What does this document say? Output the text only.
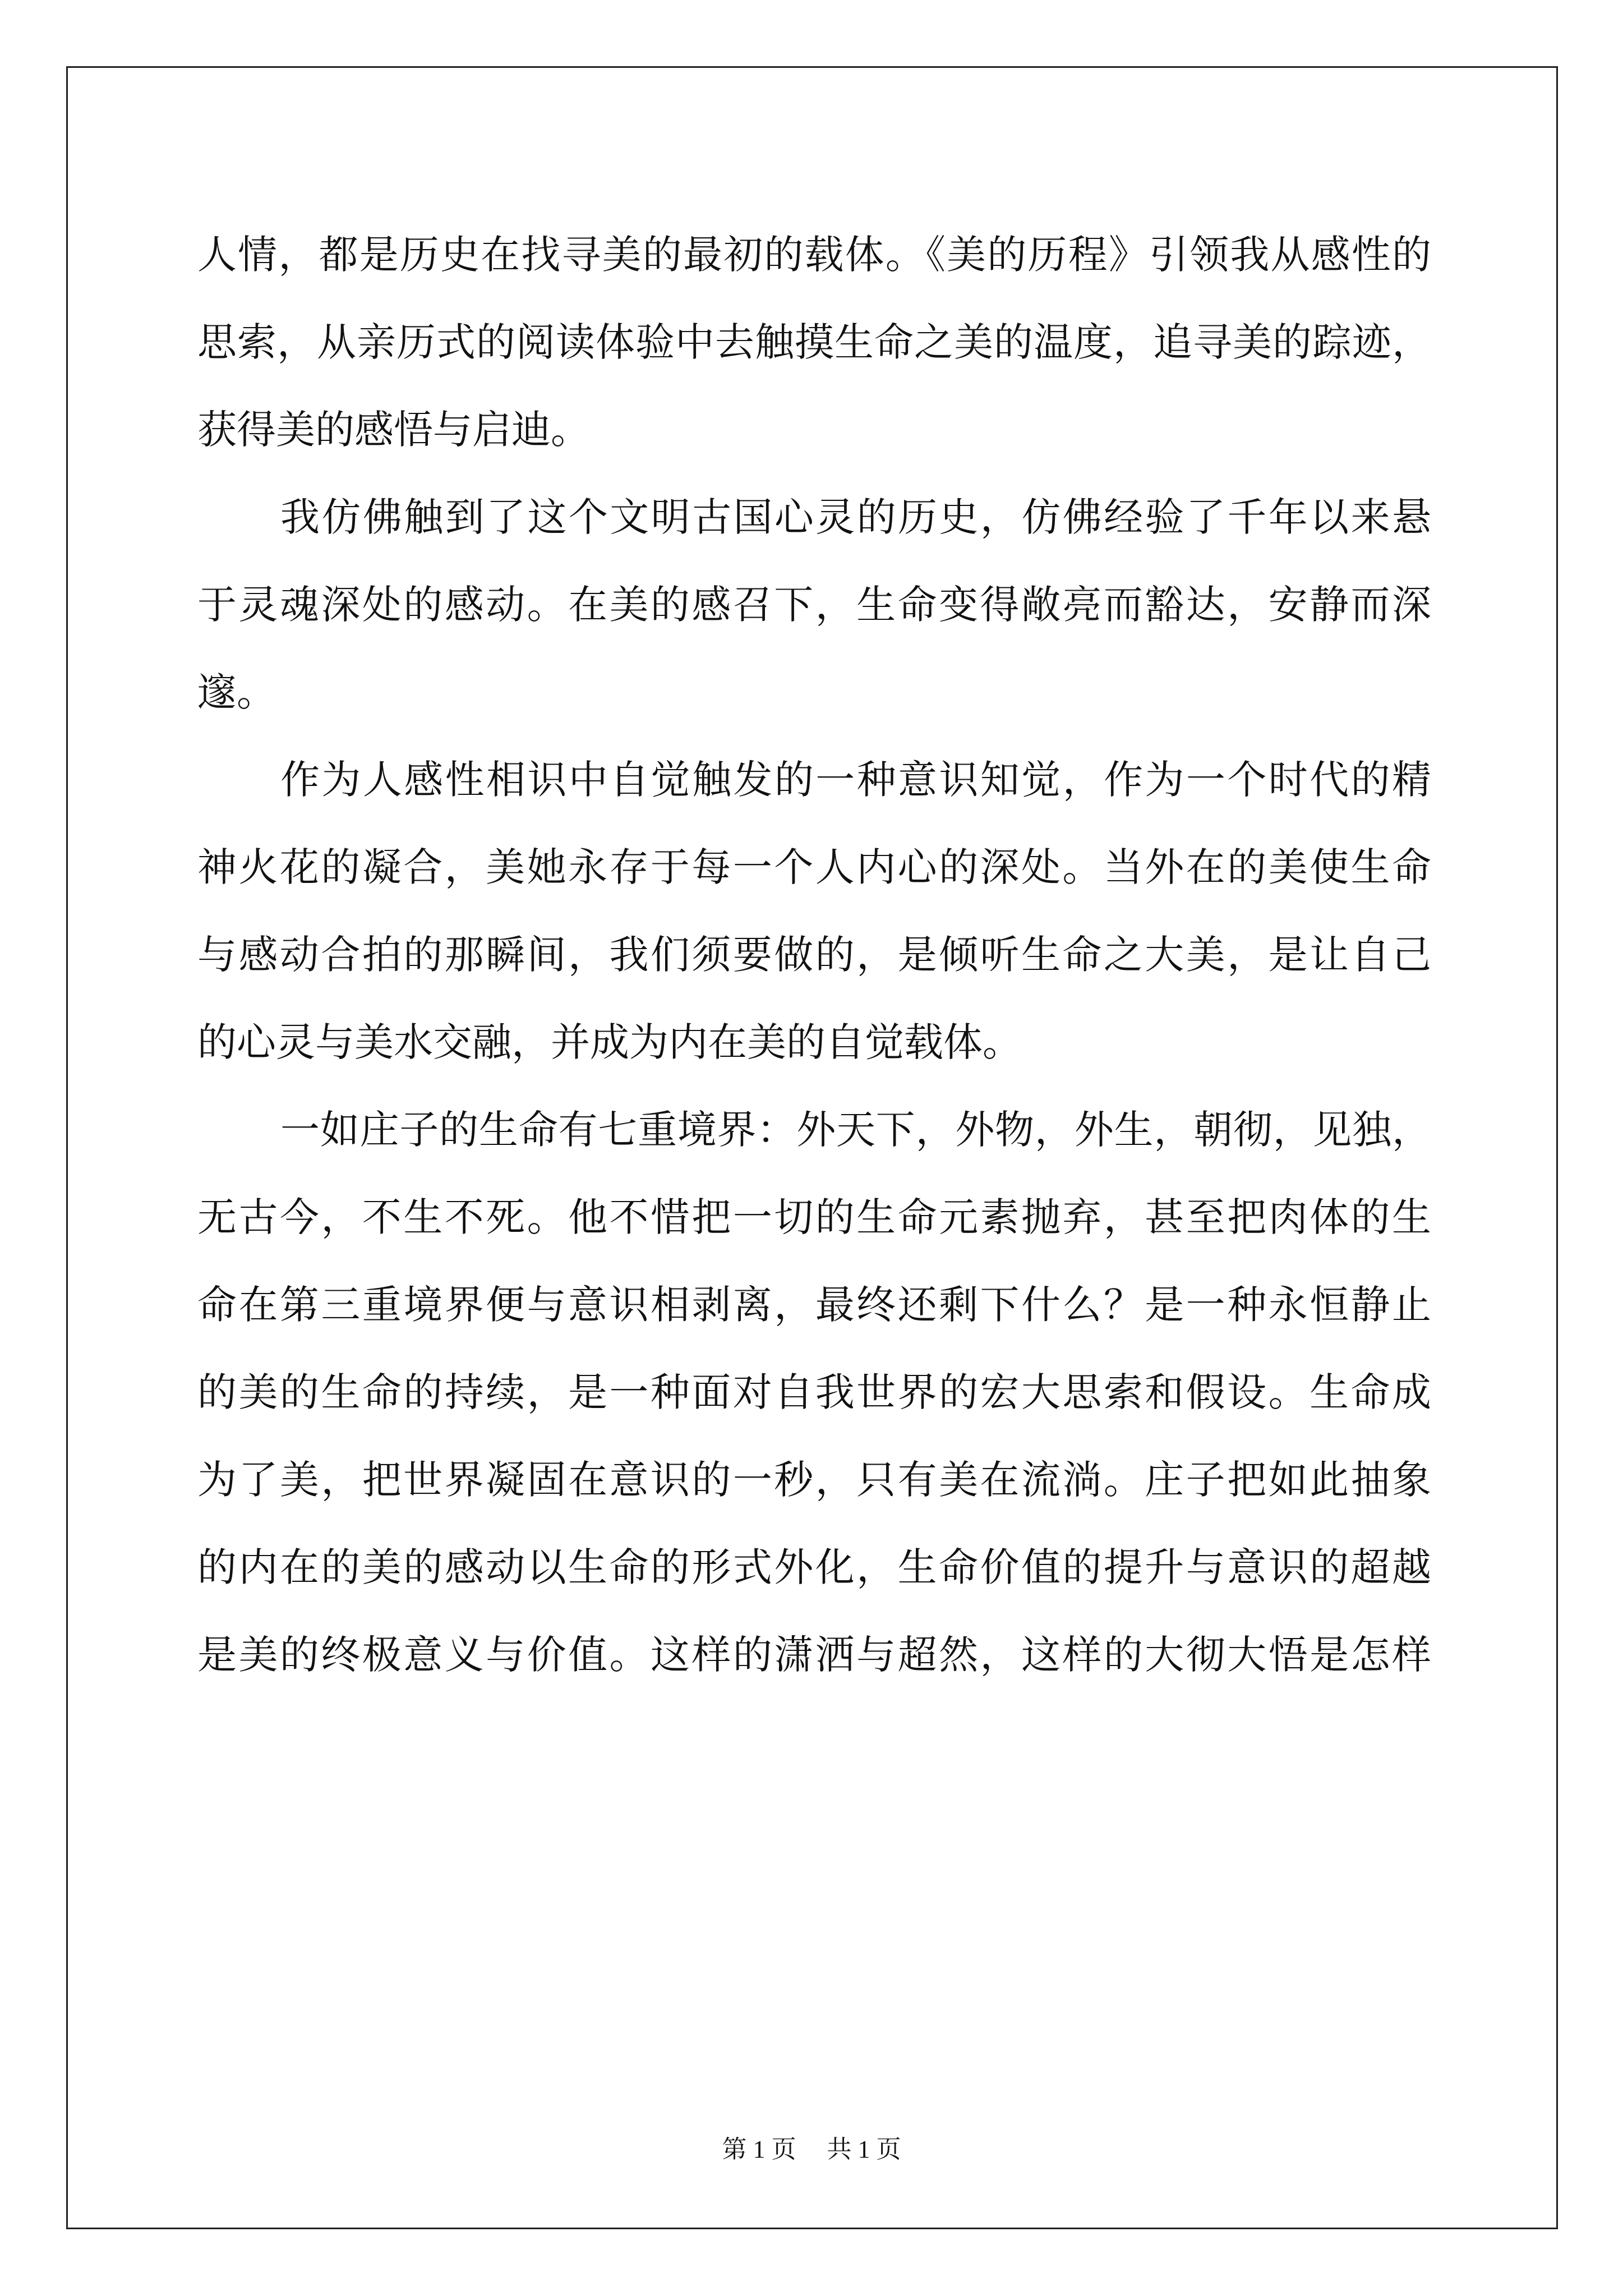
人情，都是历史在找寻美的最初的载体。《美的历程》引领我从感性的
思索，从亲历式的阅读体验中去触摸生命之美的温度，追寻美的踪迹，
获得美的感悟与启迪。
我仿佛触到了这个文明古国心灵的历史，仿佛经验了千年以来悬
于灵魂深处的感动。在美的感召下，生命变得敞亮而豁达，安静而深
邃。
作为人感性相识中自觉触发的一种意识知觉，作为一个时代的精
神火花的凝合，美她永存于每一个人内心的深处。当外在的美使生命
与感动合拍的那瞬间，我们须要做的，是倾听生命之大美，是让自己
的心灵与美水交融，并成为内在美的自觉载体。
一如庄子的生命有七重境界：外天下，外物，外生，朝彻，见独，
无古今，不生不死。他不惜把一切的生命元素抛弃，甚至把肉体的生
命在第三重境界便与意识相剥离，最终还剩下什么？是一种永恒静止
的美的生命的持续，是一种面对自我世界的宏大思索和假设。生命成
为了美，把世界凝固在意识的一秒，只有美在流淌。庄子把如此抽象
的内在的美的感动以生命的形式外化，生命价值的提升与意识的超越
是美的终极意义与价值。这样的潇洒与超然，这样的大彻大悟是怎样
第 1 页 共 1 页
